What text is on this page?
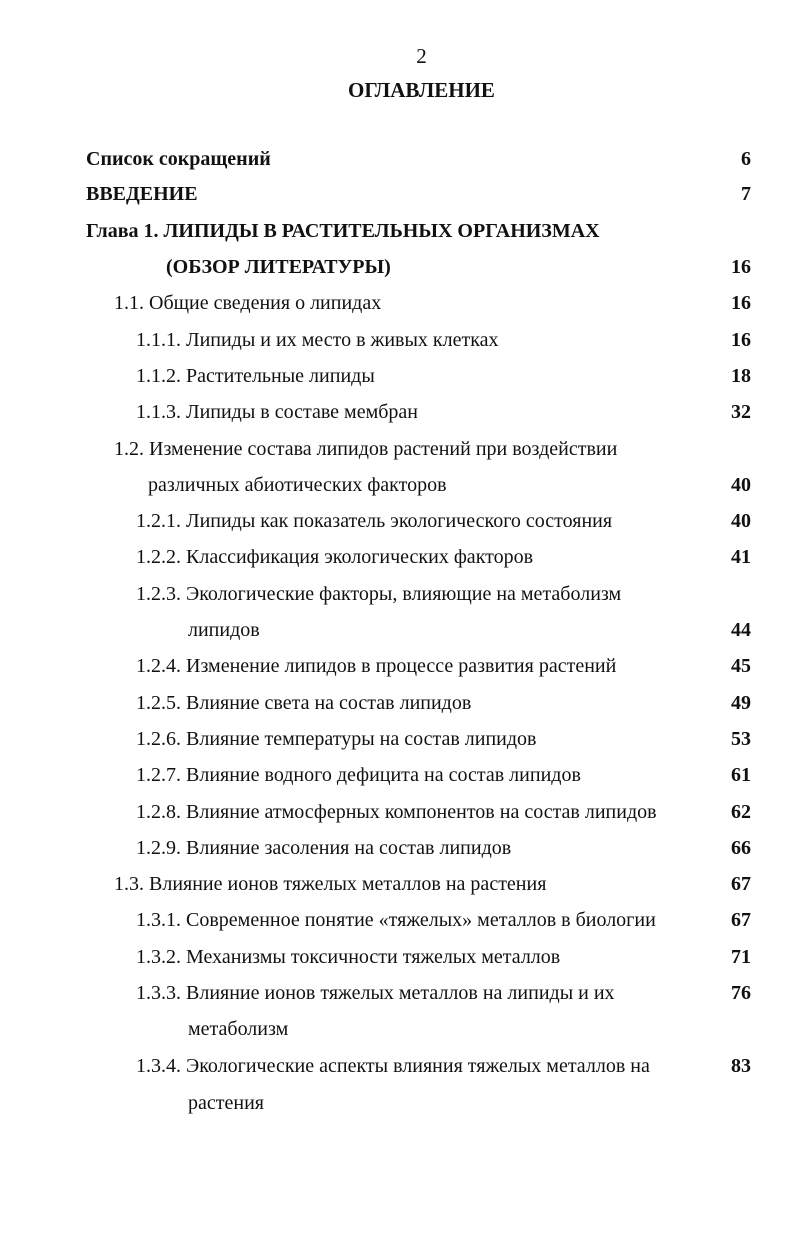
2
ОГЛАВЛЕНИЕ
Список сокращений	6
ВВЕДЕНИЕ	7
Глава 1. ЛИПИДЫ В РАСТИТЕЛЬНЫХ ОРГАНИЗМАХ
(ОБЗОР ЛИТЕРАТУРЫ)	16
1.1. Общие сведения о липидах	16
1.1.1. Липиды и их место в живых клетках	16
1.1.2. Растительные липиды	18
1.1.3. Липиды в составе мембран	32
1.2. Изменение состава липидов растений при воздействии
различных абиотических факторов	40
1.2.1. Липиды как показатель экологического состояния	40
1.2.2. Классификация экологических факторов	41
1.2.3. Экологические факторы, влияющие на метаболизм
липидов	44
1.2.4. Изменение липидов в процессе развития растений	45
1.2.5. Влияние света на состав липидов	49
1.2.6. Влияние температуры на состав липидов	53
1.2.7. Влияние водного дефицита на состав липидов	61
1.2.8. Влияние атмосферных компонентов на состав липидов	62
1.2.9. Влияние засоления на состав липидов	66
1.3. Влияние ионов тяжелых металлов на растения	67
1.3.1. Современное понятие «тяжелых» металлов в биологии	67
1.3.2. Механизмы токсичности тяжелых металлов	71
1.3.3. Влияние ионов тяжелых металлов на липиды и их	76
метаболизм
1.3.4. Экологические аспекты влияния тяжелых металлов на	83
растения
